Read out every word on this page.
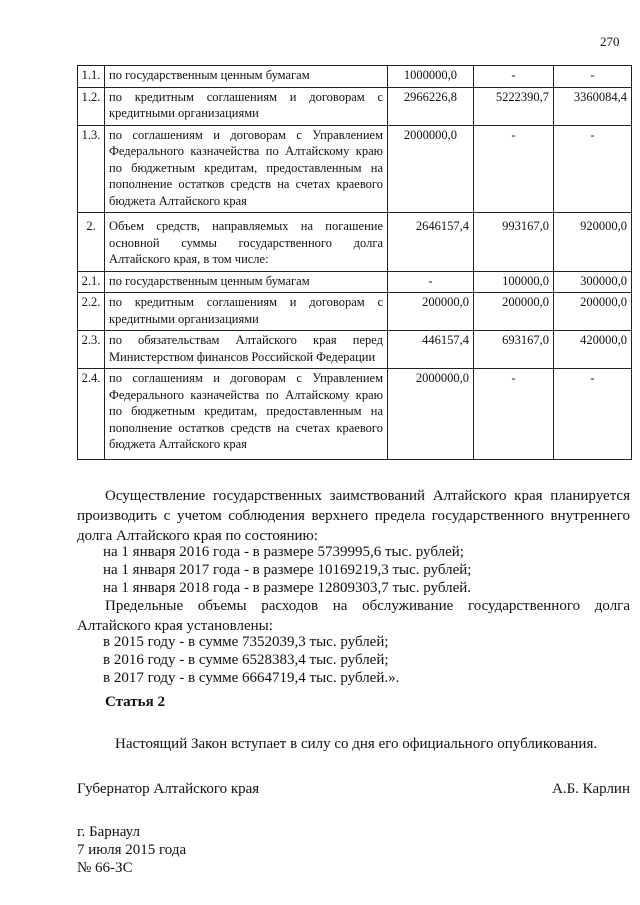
270
1.1.	по государственным ценным бумагам	1000000,0	-	-
1.2.	по кредитным соглашениям и договорам с кредитными организациями	2966226,8	5222390,7	3360084,4
1.3.	по соглашениям и договорам с Управлением Федерального казначейства по Алтайскому краю по бюджетным кредитам, предоставленным на пополнение остатков средств на счетах краевого бюджета Алтайского края	2000000,0	-	-
2.	Объем средств, направляемых на погашение основной суммы государственного долга Алтайского края, в том числе:	2646157,4	993167,0	920000,0
2.1.	по государственным ценным бумагам	-	100000,0	300000,0
2.2.	по кредитным соглашениям и договорам с кредитными организациями	200000,0	200000,0	200000,0
2.3.	по обязательствам Алтайского края перед Министерством финансов Российской Федерации	446157,4	693167,0	420000,0
2.4.	по соглашениям и договорам с Управлением Федерального казначейства по Алтайскому краю по бюджетным кредитам, предоставленным на пополнение остатков средств на счетах краевого бюджета Алтайского края	2000000,0	-	-
Осуществление государственных заимствований Алтайского края планируется производить с учетом соблюдения верхнего предела государственного внутреннего долга Алтайского края по состоянию:
на 1 января 2016 года - в размере 5739995,6 тыс. рублей;
на 1 января 2017 года - в размере 10169219,3 тыс. рублей;
на 1 января 2018 года - в размере 12809303,7 тыс. рублей.
Предельные объемы расходов на обслуживание государственного долга Алтайского края установлены:
в 2015 году - в сумме 7352039,3 тыс. рублей;
в 2016 году - в сумме 6528383,4 тыс. рублей;
в 2017 году - в сумме 6664719,4 тыс. рублей.».
Статья 2
Настоящий Закон вступает в силу со дня его официального опубликования.
Губернатор Алтайского края	А.Б. Карлин
г. Барнаул
7 июля 2015 года
№ 66-ЗС
